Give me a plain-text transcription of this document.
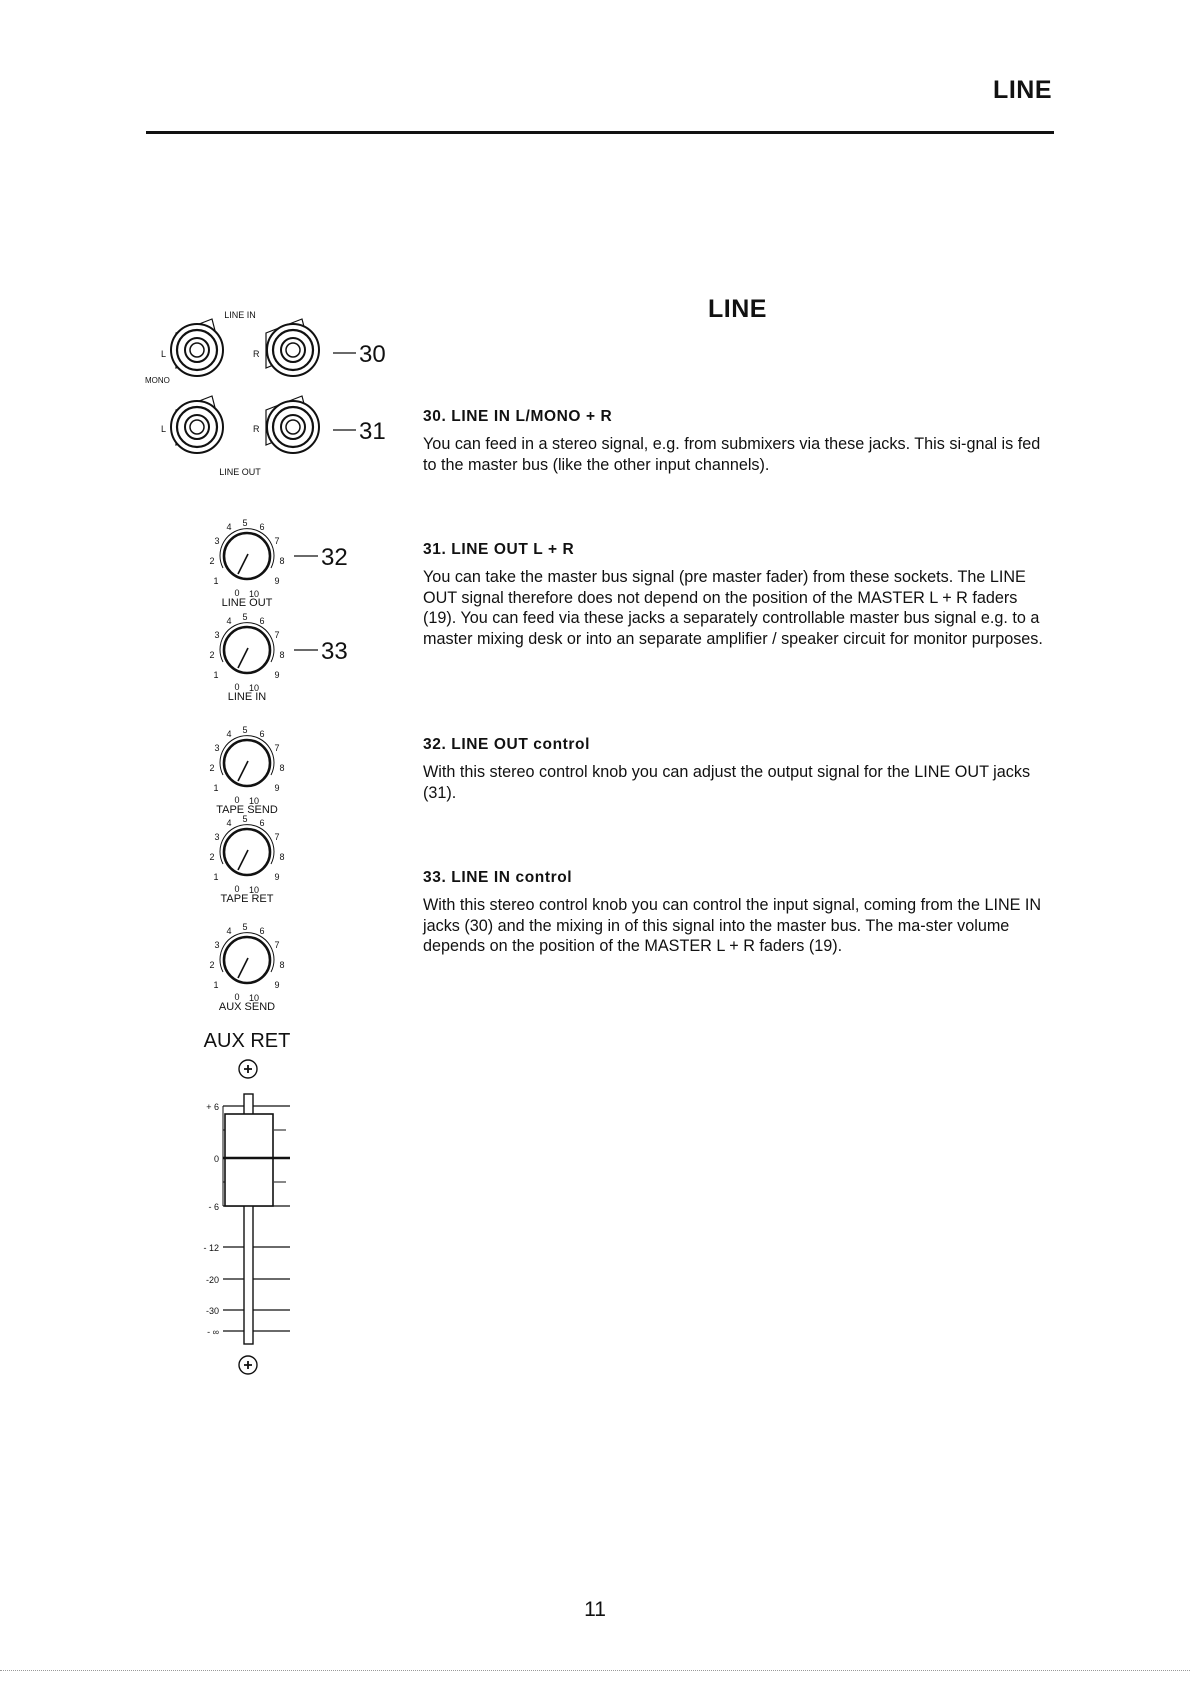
LINE
LINE

30. LINE IN L/MONO + R

You can feed in a stereo signal, e.g. from submixers via these jacks. This si-gnal is fed to the master bus (like the other input channels).

31. LINE OUT L + R

You can take the master bus signal (pre master fader) from these sockets. The LINE OUT signal therefore does not depend on the position of the MASTER L + R faders (19). You can feed via these jacks a separately controllable master bus signal e.g. to a master mixing desk or into an separate amplifier / speaker circuit for monitor purposes.

32. LINE OUT control

With this stereo control knob you can adjust the output signal for the LINE OUT jacks (31).

33. LINE IN control

With this stereo control knob you can control the input signal, coming from the LINE IN jacks (30) and the mixing in of this signal into the master bus. The ma-ster volume depends on the position of the MASTER L + R faders (19).

LINE IN
L
MONO
R	30
L	R	31
LINE OUT
0
1
2
3
4 5 6
7
8
9
10
LINE OUT
0
1
2
3
4 5 6
7
8
9
10
LINE IN
0
1
2
3
4 5 6
7
8
9
10
TAPE SEND
0
1
2
3
4 5 6
7
8
9
10
TAPE RET
0
1
2
3
4 5 6
7
8
9
10
AUX SEND
32
33
AUX RET
+ 6
0
- 6
- 12
-20
-30
- ∞
11
